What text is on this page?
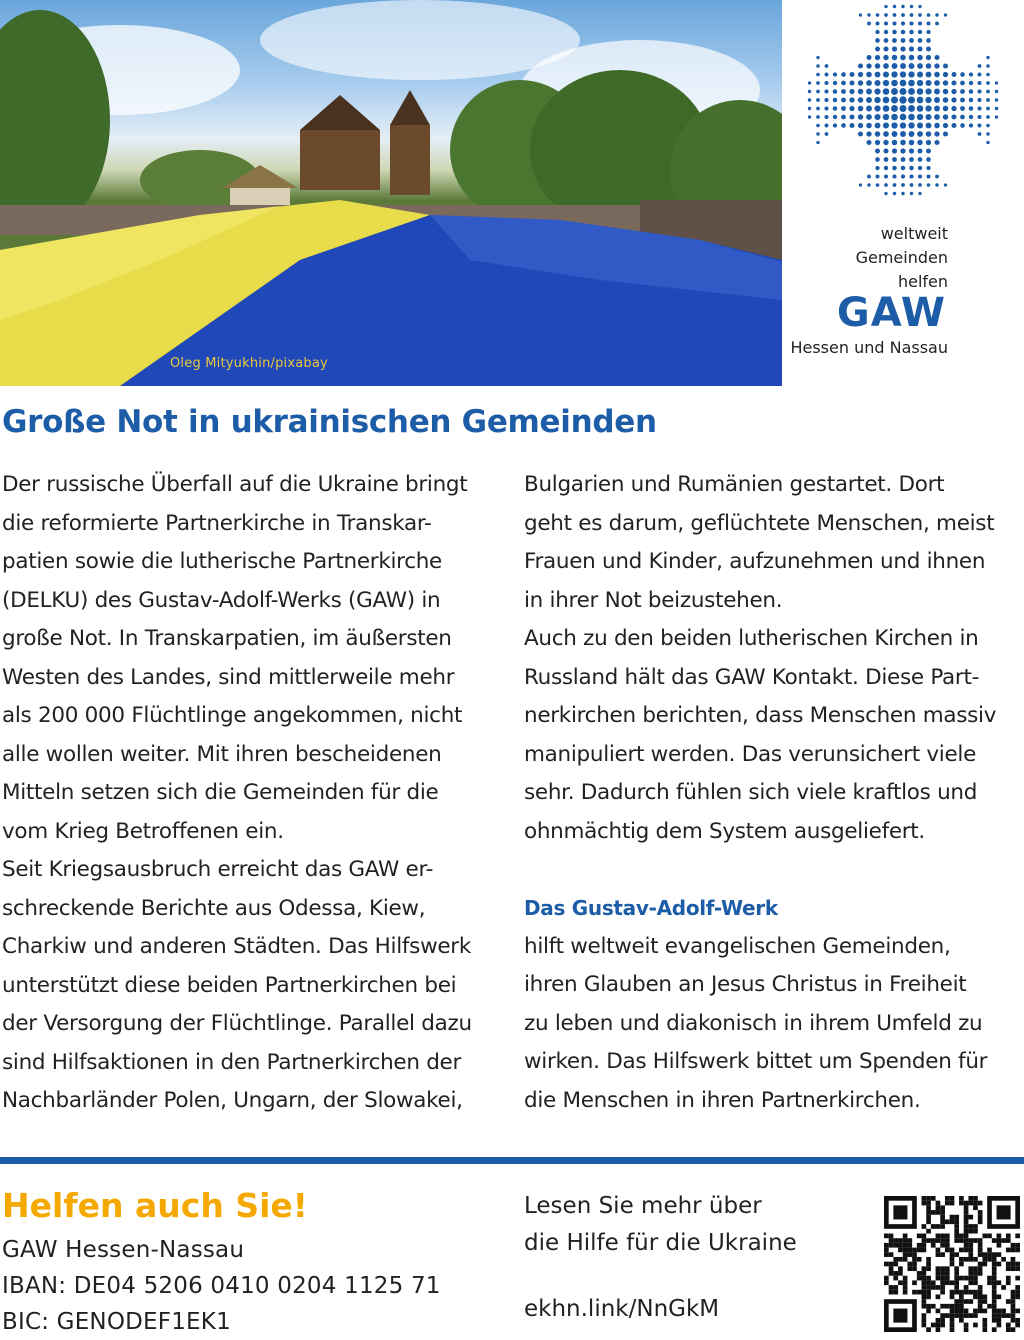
Oleg Mityukhin/pixabay
weltweit
Gemeinden
helfen
GAW
Hessen und Nassau
Große Not in ukrainischen Gemeinden

Der russische Überfall auf die Ukraine bringt

die reformierte Partnerkirche in Transkar-

patien sowie die lutherische Partnerkirche

(DELKU) des Gustav-Adolf-Werks (GAW) in

große Not. In Transkarpatien, im äußersten

Westen des Landes, sind mittlerweile mehr

als 200 000 Flüchtlinge angekommen, nicht

alle wollen weiter. Mit ihren bescheidenen

Mitteln setzen sich die Gemeinden für die

vom Krieg Betroffenen ein.

Seit Kriegsausbruch erreicht das GAW er-

schreckende Berichte aus Odessa, Kiew,

Charkiw und anderen Städten. Das Hilfswerk

unterstützt diese beiden Partnerkirchen bei

der Versorgung der Flüchtlinge. Parallel dazu

sind Hilfsaktionen in den Partnerkirchen der

Nachbarländer Polen, Ungarn, der Slowakei,

Bulgarien und Rumänien gestartet. Dort

geht es darum, geflüchtete Menschen, meist

Frauen und Kinder, aufzunehmen und ihnen

in ihrer Not beizustehen.

Auch zu den beiden lutherischen Kirchen in

Russland hält das GAW Kontakt. Diese Part-

nerkirchen berichten, dass Menschen massiv

manipuliert werden. Das verunsichert viele

sehr. Dadurch fühlen sich viele kraftlos und

ohnmächtig dem System ausgeliefert.

Das Gustav-Adolf-Werk

hilft weltweit evangelischen Gemeinden,

ihren Glauben an Jesus Christus in Freiheit

zu leben und diakonisch in ihrem Umfeld zu

wirken. Das Hilfswerk bittet um Spenden für

die Menschen in ihren Partnerkirchen.

Helfen auch Sie!
GAW Hessen-Nassau
IBAN: DE04 5206 0410 0204 1125 71
BIC: GENODEF1EK1
Lesen Sie mehr über
die Hilfe für die Ukraine
ekhn.link/NnGkM
